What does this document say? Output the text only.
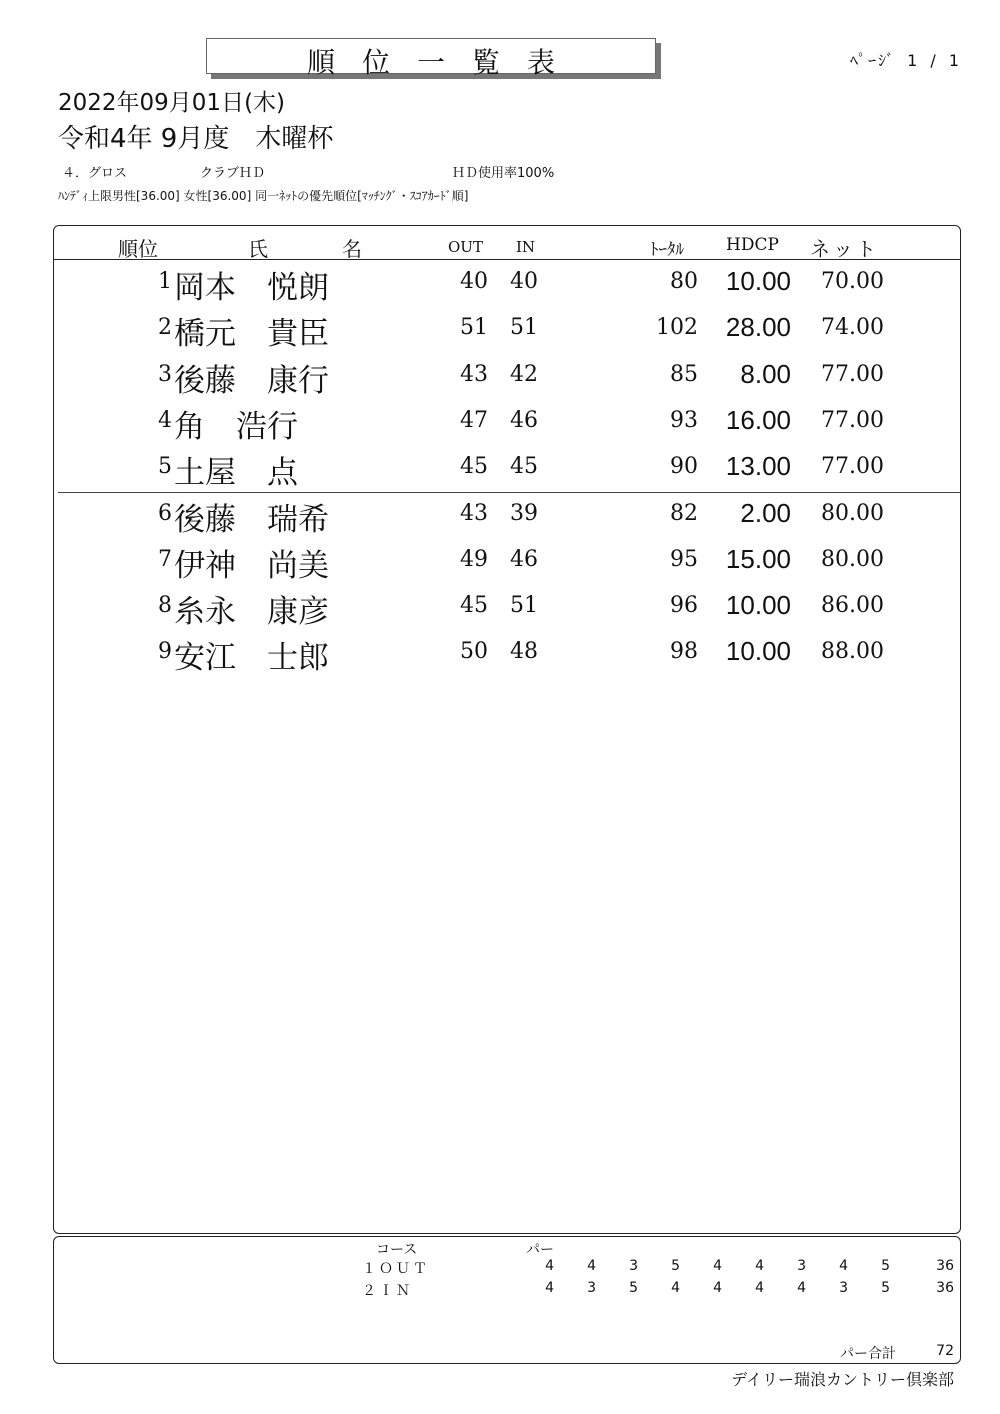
順位一覧表	ﾍﾟｰｼﾞ 1 / 1
2022年09月01日(木)
令和4年 9月度　木曜杯
４．グロス	クラブＨＤ	ＨＤ使用率100%
ﾊﾝﾃﾞｨ上限男性[36.00] 女性[36.00] 同一ﾈｯﾄの優先順位[ﾏｯﾁﾝｸﾞ・ｽｺｱｶｰﾄﾞ順]
順位	氏	名	OUT IN	ﾄｰﾀﾙ HDCP ネット
1 岡本　悦朗	40 40	80	10.00 70.00
2 橋元　貴臣	51 51	102	28.00 74.00
3 後藤　康行	43 42	85	8.00 77.00
4 角　浩行	47 46	93	16.00 77.00
5 土屋　点	45 45	90	13.00 77.00
6 後藤　瑞希	43 39	82	2.00 80.00
7 伊神　尚美	49 46	95	15.00 80.00
8 糸永　康彦	45 51	96	10.00 86.00
9 安江　士郎	50 48	98	10.00 88.00
コース	パー
１ＯＵＴ	4	4	3	5	4	4	3	4	5	36
２ＩＮ	4	3	5	4	4	4	4	3	5	36
パー合計	72
デイリー瑞浪カントリー倶楽部
